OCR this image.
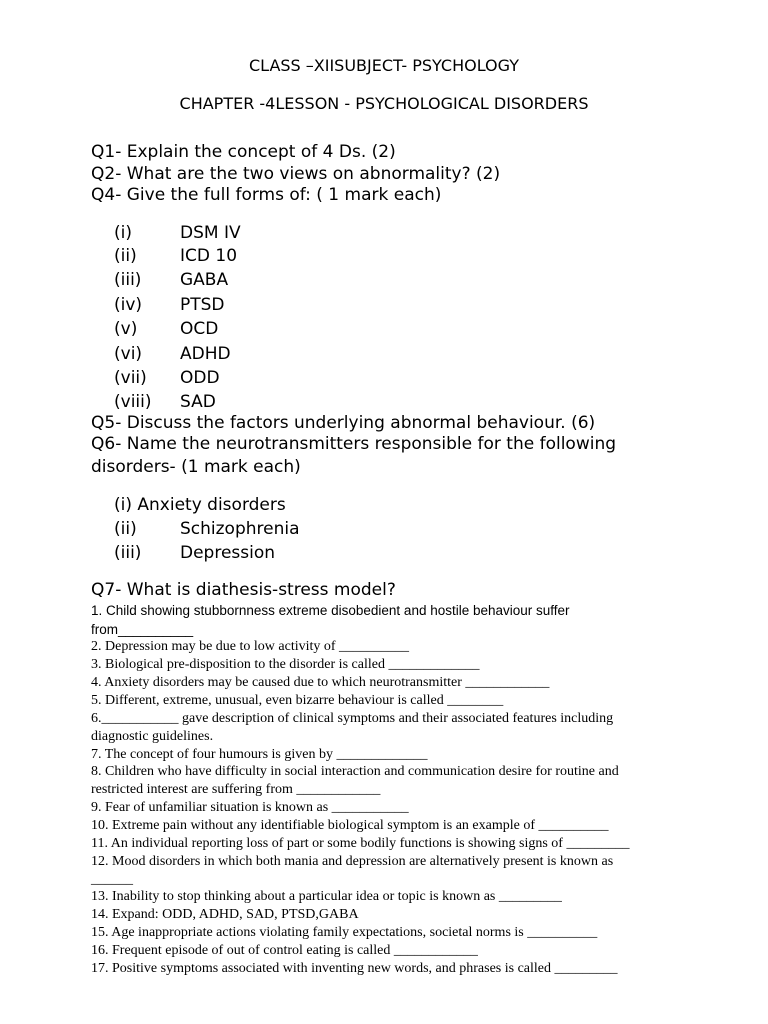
CLASS –XIISUBJECT- PSYCHOLOGY
CHAPTER -4LESSON - PSYCHOLOGICAL DISORDERS
Q1- Explain the concept of 4 Ds. (2)
Q2- What are the two views on abnormality? (2)
Q4- Give the full forms of: ( 1 mark each)
(i)	DSM IV
(ii)	ICD 10
(iii) GABA
(iv) PTSD
(v)	OCD
(vi) ADHD
(vii) ODD
(viii) SAD
Q5- Discuss the factors underlying abnormal behaviour. (6)
Q6- Name the neurotransmitters responsible for the following
disorders- (1 mark each)
(i) Anxiety disorders
(ii)	Schizophrenia
(iii) Depression
Q7- What is diathesis-stress model?
1. Child showing stubbornness extreme disobedient and hostile behaviour suffer
from__________
2. Depression may be due to low activity of __________
3. Biological pre-disposition to the disorder is called _____________
4. Anxiety disorders may be caused due to which neurotransmitter ____________
5. Different, extreme, unusual, even bizarre behaviour is called ________
6.___________ gave description of clinical symptoms and their associated features including
diagnostic guidelines.
7. The concept of four humours is given by _____________
8. Children who have difficulty in social interaction and communication desire for routine and
restricted interest are suffering from ____________
9. Fear of unfamiliar situation is known as ___________
10. Extreme pain without any identifiable biological symptom is an example of __________
11. An individual reporting loss of part or some bodily functions is showing signs of _________
12. Mood disorders in which both mania and depression are alternatively present is known as
______
13. Inability to stop thinking about a particular idea or topic is known as _________
14. Expand: ODD, ADHD, SAD, PTSD,GABA
15. Age inappropriate actions violating family expectations, societal norms is __________
16. Frequent episode of out of control eating is called ____________
17. Positive symptoms associated with inventing new words, and phrases is called _________
